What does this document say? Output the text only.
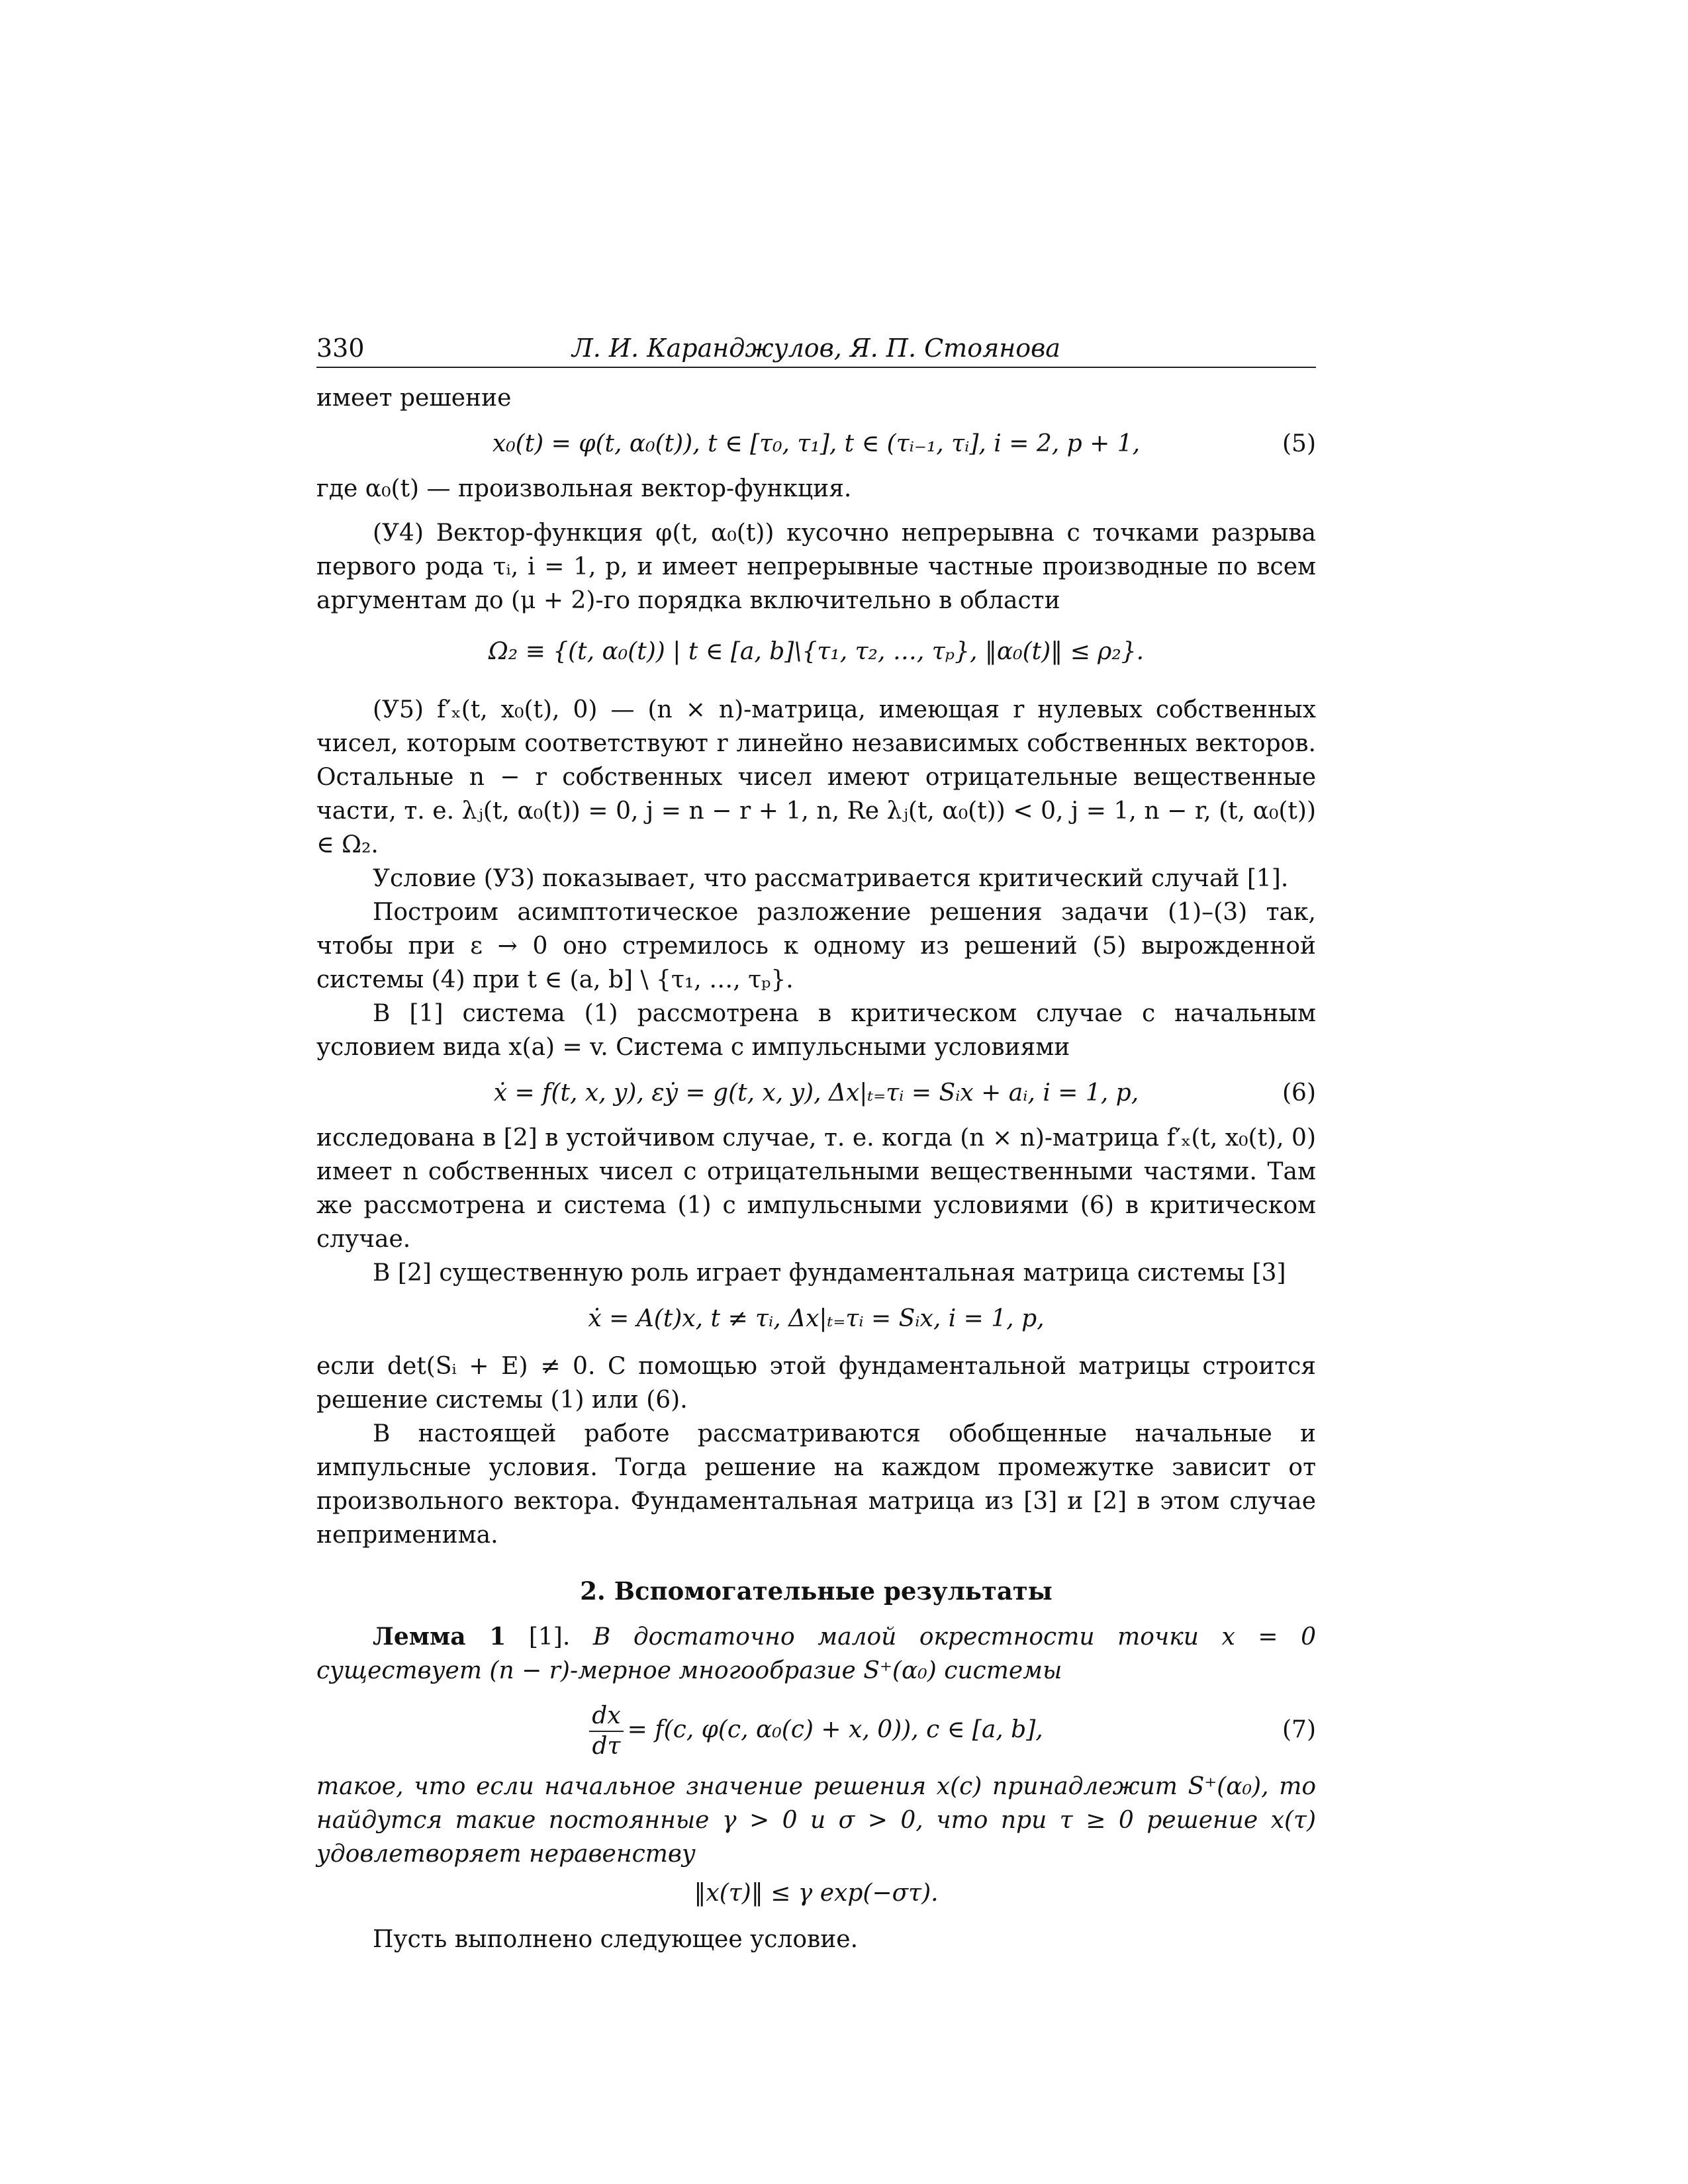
330	Л. И. Каранджулов, Я. П. Стоянова

имеет решение

x₀(t) = φ(t, α₀(t)), t ∈ [τ₀, τ₁], t ∈ (τᵢ₋₁, τᵢ], i = 2, p + 1,	(5)

где α₀(t) — произвольная вектор-функция.

(У4) Вектор-функция φ(t, α₀(t)) кусочно непрерывна с точками разрыва первого рода τᵢ, i = 1, p, и имеет непрерывные частные производные по всем аргументам до (μ + 2)-го порядка включительно в области

Ω₂ ≡ {(t, α₀(t)) | t ∈ [a, b]\{τ₁, τ₂, …, τₚ}, ‖α₀(t)‖ ≤ ρ₂}.

(У5) f′ₓ(t, x₀(t), 0) — (n × n)-матрица, имеющая r нулевых собственных чисел, которым соответствуют r линейно независимых собственных векторов. Остальные n − r собственных чисел имеют отрицательные вещественные части, т. е. λⱼ(t, α₀(t)) = 0, j = n − r + 1, n, Re λⱼ(t, α₀(t)) < 0, j = 1, n − r, (t, α₀(t)) ∈ Ω₂.

Условие (У3) показывает, что рассматривается критический случай [1].

Построим асимптотическое разложение решения задачи (1)–(3) так, чтобы при ε → 0 оно стремилось к одному из решений (5) вырожденной системы (4) при t ∈ (a, b] \ {τ₁, …, τₚ}.

В [1] система (1) рассмотрена в критическом случае с начальным условием вида x(a) = v. Система с импульсными условиями

ẋ = f(t, x, y), εẏ = g(t, x, y), Δx|ₜ₌τᵢ = Sᵢx + aᵢ, i = 1, p,	(6)

исследована в [2] в устойчивом случае, т. е. когда (n × n)-матрица f′ₓ(t, x₀(t), 0) имеет n собственных чисел с отрицательными вещественными частями. Там же рассмотрена и система (1) с импульсными условиями (6) в критическом случае.

В [2] существенную роль играет фундаментальная матрица системы [3]

ẋ = A(t)x, t ≠ τᵢ, Δx|ₜ₌τᵢ = Sᵢx, i = 1, p,

если det(Sᵢ + E) ≠ 0. С помощью этой фундаментальной матрицы строится решение системы (1) или (6).

В настоящей работе рассматриваются обобщенные начальные и импульсные условия. Тогда решение на каждом промежутке зависит от произвольного вектора. Фундаментальная матрица из [3] и [2] в этом случае неприменима.

2. Вспомогательные результаты

Лемма 1 [1]. В достаточно малой окрестности точки x = 0 существует (n − r)-мерное многообразие S⁺(α₀) системы

$\frac{dx}{d\tau} = f(c$, φ(c, α₀(c) + x, 0)), c ∈ [a, b],	(7)

такое, что если начальное значение решения x(c) принадлежит S⁺(α₀), то найдутся такие постоянные γ > 0 и σ > 0, что при τ ≥ 0 решение x(τ) удовлетворяет неравенству

‖x(τ)‖ ≤ γ exp(−στ).

Пусть выполнено следующее условие.
